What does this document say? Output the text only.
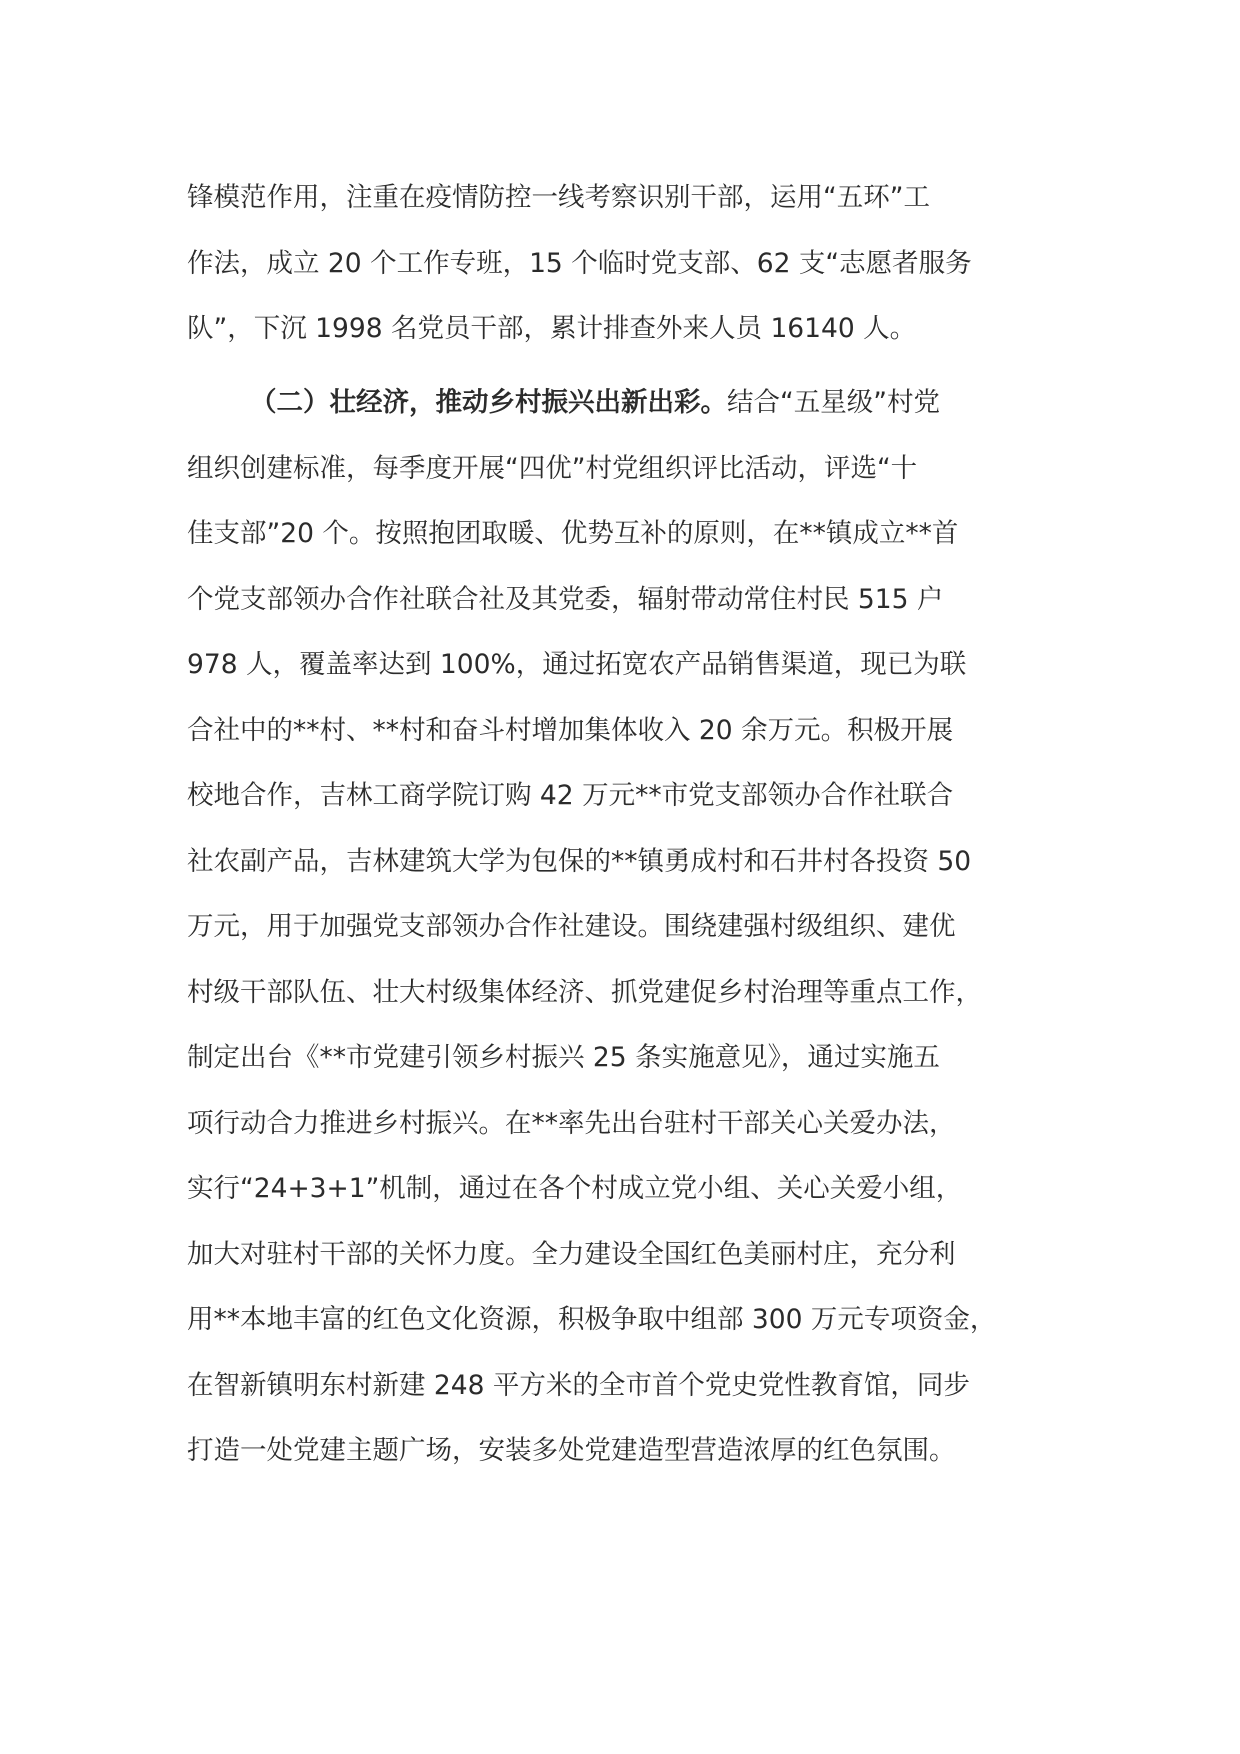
锋模范作用，注重在疫情防控一线考察识别干部，运用“五环”工

作法，成立 20 个工作专班，15 个临时党支部、62 支“志愿者服务

队”，下沉 1998 名党员干部，累计排查外来人员 16140 人。

（二）壮经济，推动乡村振兴出新出彩。结合“五星级”村党

组织创建标准，每季度开展“四优”村党组织评比活动，评选“十

佳支部”20 个。按照抱团取暖、优势互补的原则，在**镇成立**首

个党支部领办合作社联合社及其党委，辐射带动常住村民 515 户

978 人，覆盖率达到 100%，通过拓宽农产品销售渠道，现已为联

合社中的**村、**村和奋斗村增加集体收入 20 余万元。积极开展

校地合作，吉林工商学院订购 42 万元**市党支部领办合作社联合

社农副产品，吉林建筑大学为包保的**镇勇成村和石井村各投资 50

万元，用于加强党支部领办合作社建设。围绕建强村级组织、建优

村级干部队伍、壮大村级集体经济、抓党建促乡村治理等重点工作，

制定出台《**市党建引领乡村振兴 25 条实施意见》，通过实施五

项行动合力推进乡村振兴。在**率先出台驻村干部关心关爱办法，

实行“24+3+1”机制，通过在各个村成立党小组、关心关爱小组，

加大对驻村干部的关怀力度。全力建设全国红色美丽村庄，充分利

用**本地丰富的红色文化资源，积极争取中组部 300 万元专项资金，

在智新镇明东村新建 248 平方米的全市首个党史党性教育馆，同步

打造一处党建主题广场，安装多处党建造型营造浓厚的红色氛围。
